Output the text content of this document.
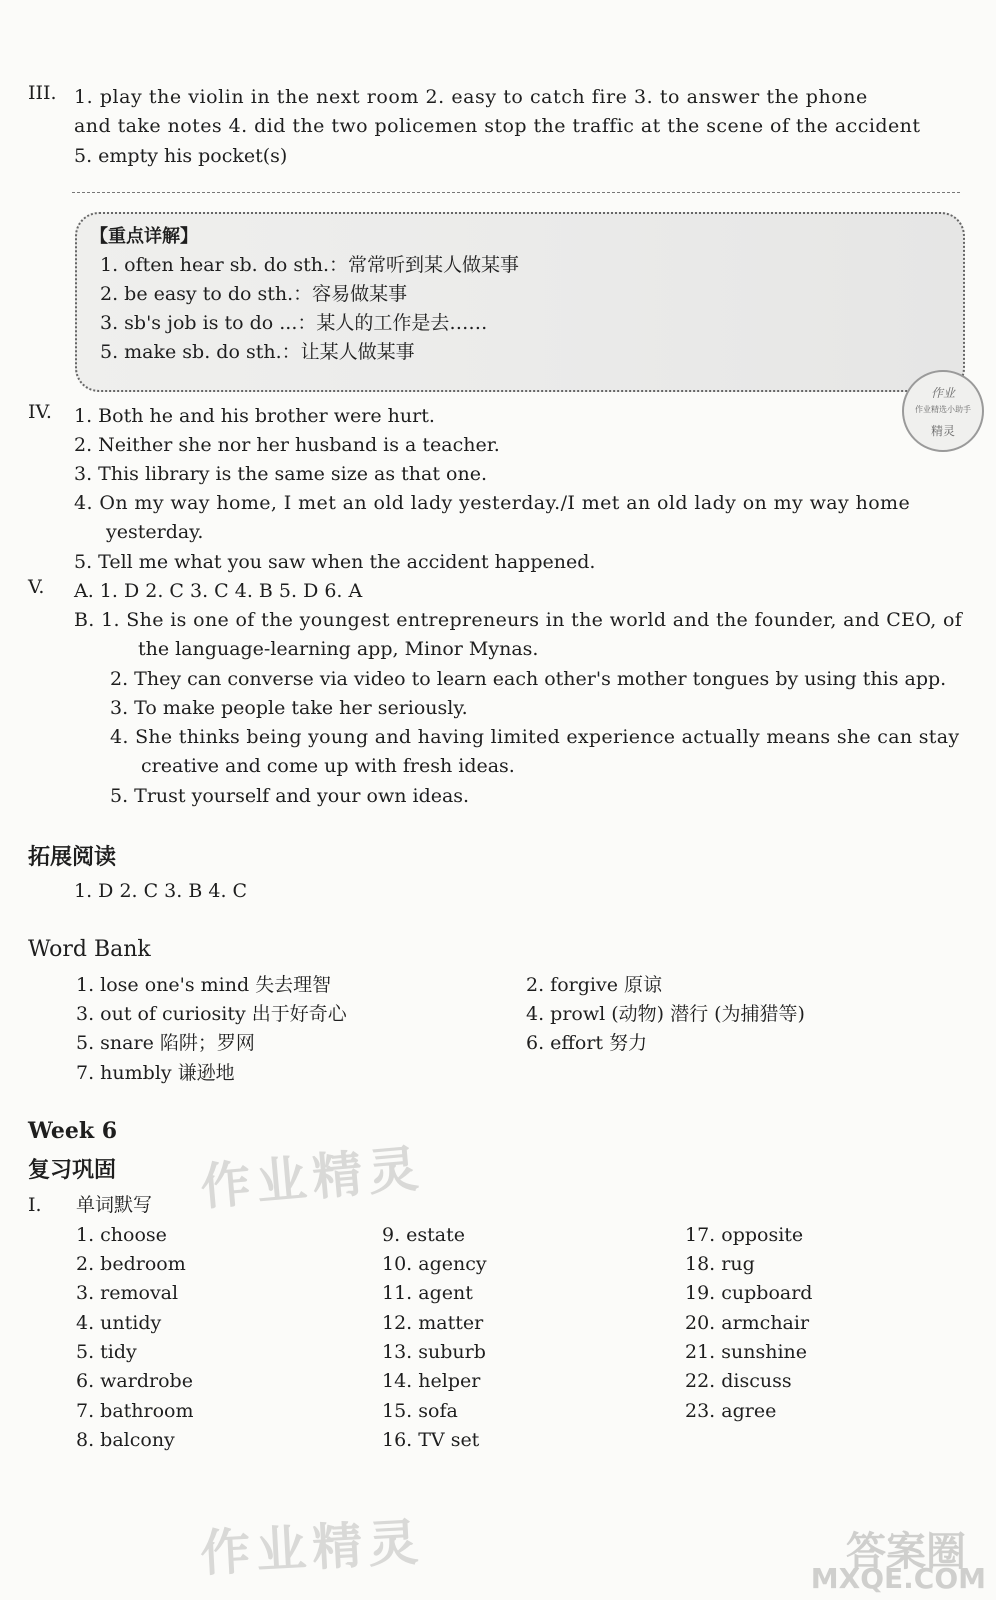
III. 1. play the violin in the next room 2. easy to catch fire 3. to answer the phone
and take notes 4. did the two policemen stop the traffic at the scene of the accident
5. empty his pocket(s)
【重点详解】
1. often hear sb. do sth.：常常听到某人做某事
2. be easy to do sth.：容易做某事
3. sb's job is to do ...：某人的工作是去……
5. make sb. do sth.：让某人做某事
作业
作业精选小助手
精灵
IV. 1. Both he and his brother were hurt.
2. Neither she nor her husband is a teacher.
3. This library is the same size as that one.
4. On my way home, I met an old lady yesterday./I met an old lady on my way home
yesterday.
5. Tell me what you saw when the accident happened.
V. A. 1. D 2. C 3. C 4. B 5. D 6. A
B. 1. She is one of the youngest entrepreneurs in the world and the founder, and CEO, of
the language-learning app, Minor Mynas.
2. They can converse via video to learn each other's mother tongues by using this app.
3. To make people take her seriously.
4. She thinks being young and having limited experience actually means she can stay
creative and come up with fresh ideas.
5. Trust yourself and your own ideas.
拓展阅读
1. D 2. C 3. B 4. C
Word Bank
1. lose one's mind 失去理智	2. forgive 原谅
3. out of curiosity 出于好奇心	4. prowl (动物) 潜行 (为捕猎等)
5. snare 陷阱；罗网	6. effort 努力
7. humbly 谦逊地
Week 6
复习巩固
I. 单词默写 作业精灵
1. choose
2. bedroom
3. removal
4. untidy
5. tidy
6. wardrobe
7. bathroom
8. balcony
9. estate
10. agency
11. agent
12. matter
13. suburb
14. helper
15. sofa
16. TV set
17. opposite
18. rug
19. cupboard
20. armchair
21. sunshine
22. discuss
23. agree
作业精灵	答案圈
MXQE.COM
